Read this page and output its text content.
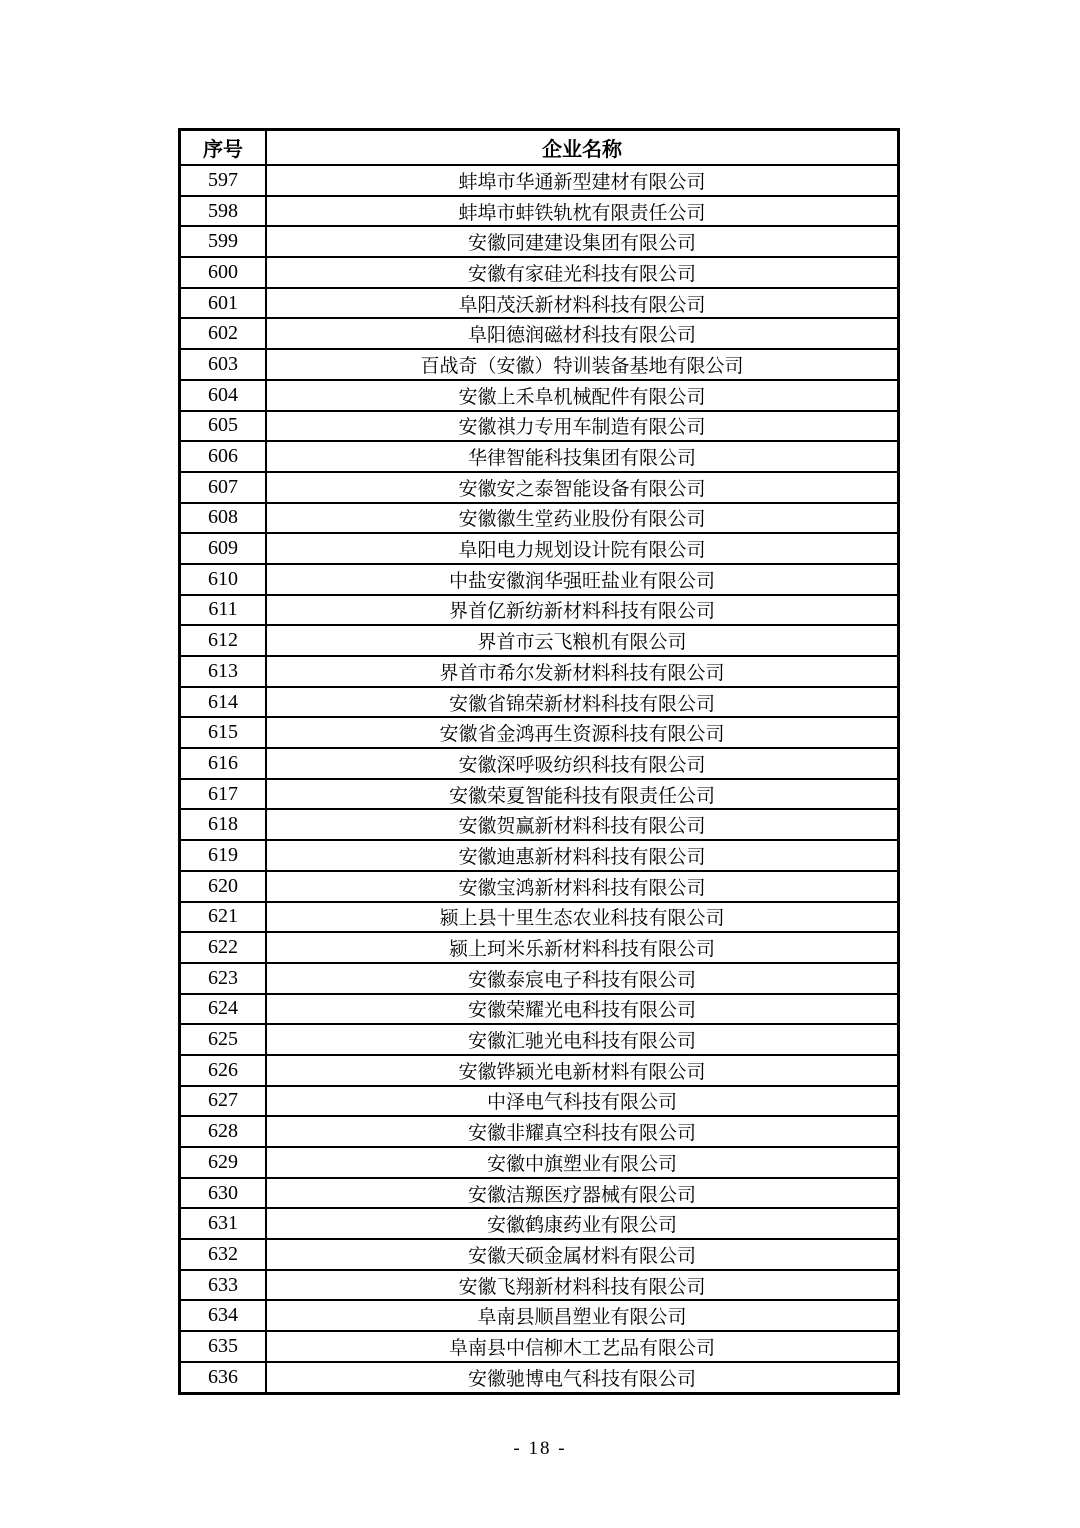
序号	企业名称
597	蚌埠市华通新型建材有限公司
598	蚌埠市蚌铁轨枕有限责任公司
599	安徽同建建设集团有限公司
600	安徽有家硅光科技有限公司
601	阜阳茂沃新材料科技有限公司
602	阜阳德润磁材科技有限公司
603	百战奇（安徽）特训装备基地有限公司
604	安徽上禾阜机械配件有限公司
605	安徽祺力专用车制造有限公司
606	华律智能科技集团有限公司
607	安徽安之泰智能设备有限公司
608	安徽徽生堂药业股份有限公司
609	阜阳电力规划设计院有限公司
610	中盐安徽润华强旺盐业有限公司
611	界首亿新纺新材料科技有限公司
612	界首市云飞粮机有限公司
613	界首市希尔发新材料科技有限公司
614	安徽省锦荣新材料科技有限公司
615	安徽省金鸿再生资源科技有限公司
616	安徽深呼吸纺织科技有限公司
617	安徽荣夏智能科技有限责任公司
618	安徽贺赢新材料科技有限公司
619	安徽迪惠新材料科技有限公司
620	安徽宝鸿新材料科技有限公司
621	颍上县十里生态农业科技有限公司
622	颍上珂米乐新材料科技有限公司
623	安徽泰宸电子科技有限公司
624	安徽荣耀光电科技有限公司
625	安徽汇驰光电科技有限公司
626	安徽铧颍光电新材料有限公司
627	中泽电气科技有限公司
628	安徽非耀真空科技有限公司
629	安徽中旗塑业有限公司
630	安徽洁羱医疗器械有限公司
631	安徽鹤康药业有限公司
632	安徽天硕金属材料有限公司
633	安徽飞翔新材料科技有限公司
634	阜南县顺昌塑业有限公司
635	阜南县中信柳木工艺品有限公司
636	安徽驰博电气科技有限公司
- 18 -
